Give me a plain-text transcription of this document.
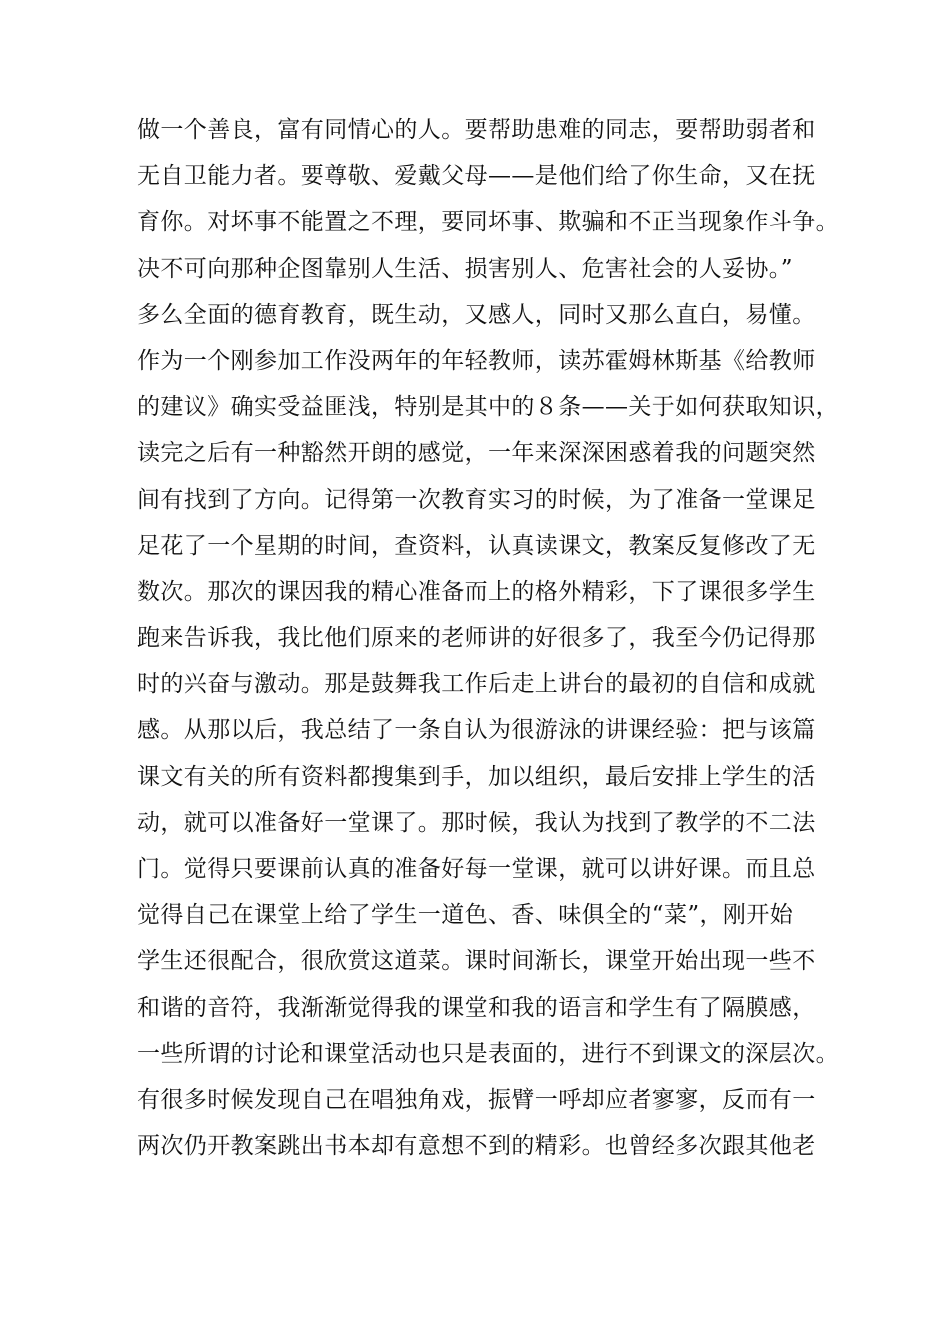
做一个善良，富有同情心的人。要帮助患难的同志，要帮助弱者和
无自卫能力者。要尊敬、爱戴父母——是他们给了你生命，又在抚
育你。对坏事不能置之不理，要同坏事、欺骗和不正当现象作斗争。
决不可向那种企图靠别人生活、损害别人、危害社会的人妥协。”
多么全面的德育教育，既生动，又感人，同时又那么直白，易懂。
作为一个刚参加工作没两年的年轻教师，读苏霍姆林斯基《给教师
的建议》确实受益匪浅，特别是其中的８条——关于如何获取知识，
读完之后有一种豁然开朗的感觉，一年来深深困惑着我的问题突然
间有找到了方向。记得第一次教育实习的时候，为了准备一堂课足
足花了一个星期的时间，查资料，认真读课文，教案反复修改了无
数次。那次的课因我的精心准备而上的格外精彩，下了课很多学生
跑来告诉我，我比他们原来的老师讲的好很多了，我至今仍记得那
时的兴奋与激动。那是鼓舞我工作后走上讲台的最初的自信和成就
感。从那以后，我总结了一条自认为很游泳的讲课经验：把与该篇
课文有关的所有资料都搜集到手，加以组织，最后安排上学生的活
动，就可以准备好一堂课了。那时候，我认为找到了教学的不二法
门。觉得只要课前认真的准备好每一堂课，就可以讲好课。而且总
觉得自己在课堂上给了学生一道色、香、味俱全的“菜”，刚开始
学生还很配合，很欣赏这道菜。课时间渐长，课堂开始出现一些不
和谐的音符，我渐渐觉得我的课堂和我的语言和学生有了隔膜感，
一些所谓的讨论和课堂活动也只是表面的，进行不到课文的深层次。
有很多时候发现自己在唱独角戏，振臂一呼却应者寥寥，反而有一
两次仍开教案跳出书本却有意想不到的精彩。也曾经多次跟其他老
